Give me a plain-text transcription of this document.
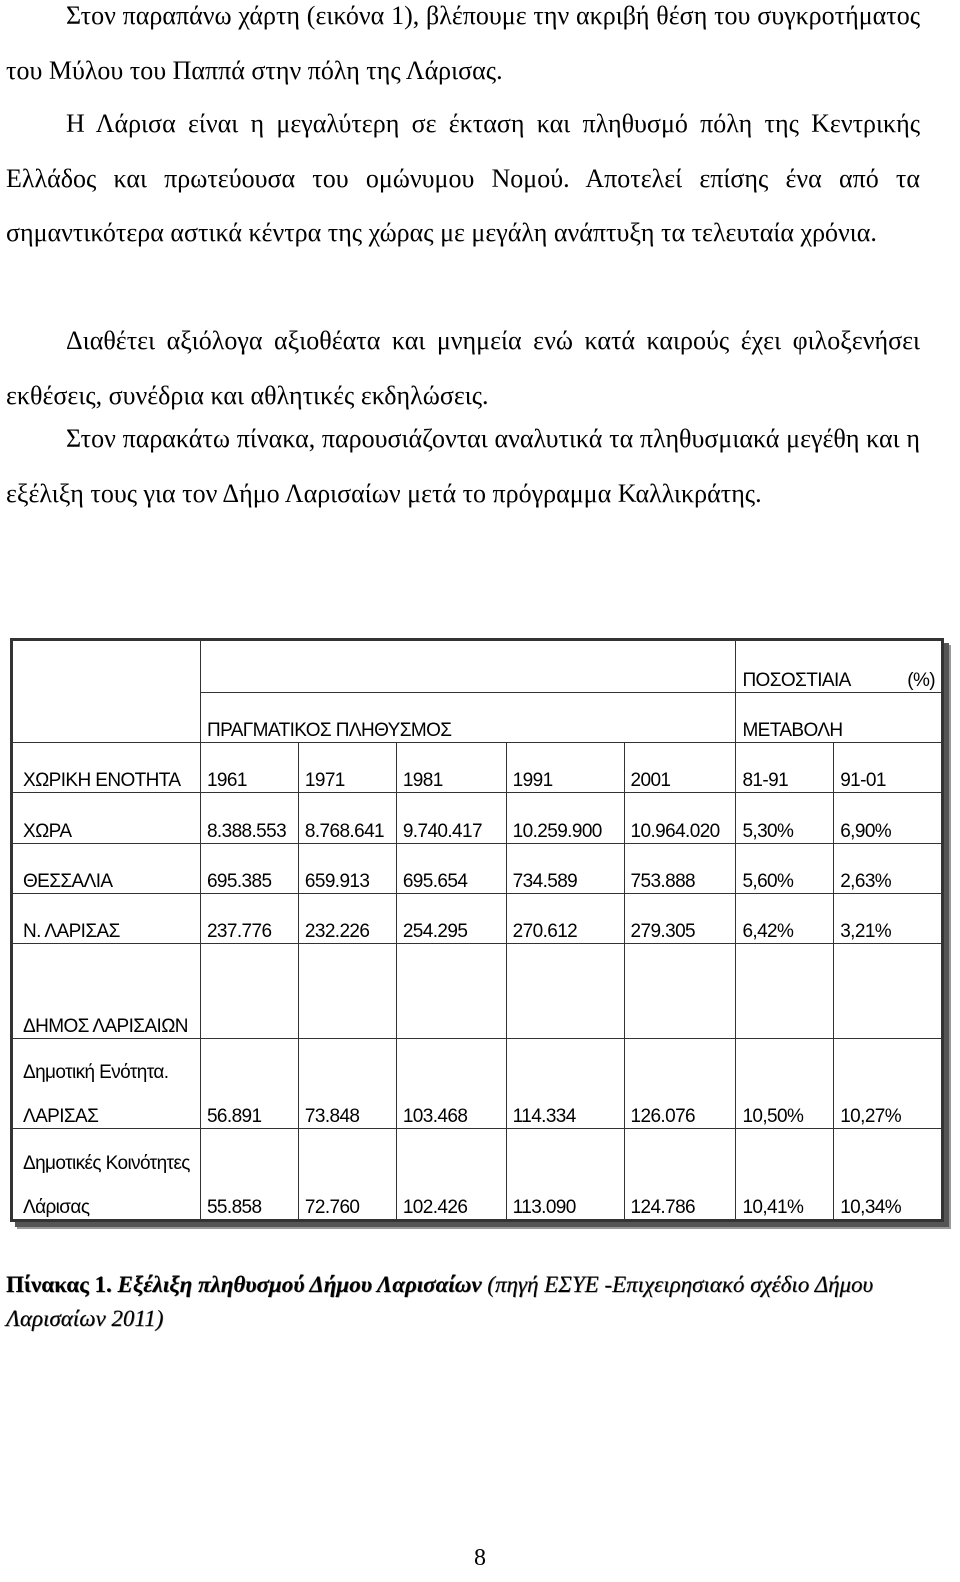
Στον παραπάνω χάρτη (εικόνα 1), βλέπουμε την ακριβή θέση του συγκροτήματος του Μύλου του Παππά στην πόλη της Λάρισας.

Η Λάρισα είναι η μεγαλύτερη σε έκταση και πληθυσμό πόλη της Κεντρικής Ελλάδος και πρωτεύουσα του ομώνυμου Νομού. Αποτελεί επίσης ένα από τα σημαντικότερα αστικά κέντρα της χώρας με μεγάλη ανάπτυξη τα τελευταία χρόνια.

Διαθέτει αξιόλογα αξιοθέατα και μνημεία ενώ κατά καιρούς έχει φιλοξενήσει εκθέσεις, συνέδρια και αθλητικές εκδηλώσεις.

Στον παρακάτω πίνακα, παρουσιάζονται αναλυτικά τα πληθυσμιακά μεγέθη και η εξέλιξη τους για τον Δήμο Λαρισαίων μετά το πρόγραμμα Καλλικράτης.

						ΠΟΣΟΣΤΙΑΙΑ (%)	

	ΠΡΑΓΜΑΤΙΚΟΣ ΠΛΗΘΥΣΜΟΣ					ΜΕΤΑΒΟΛΗ	
ΧΩΡΙΚΗ ΕΝΟΤΗΤΑ	1961	1971	1981	1991	2001	81-91	91-01
ΧΩΡΑ	8.388.553	8.768.641	9.740.417	10.259.900	10.964.020	5,30%	6,90%
ΘΕΣΣΑΛΙΑ	695.385	659.913	695.654	734.589	753.888	5,60%	2,63%
Ν. ΛΑΡΙΣΑΣ	237.776	232.226	254.295	270.612	279.305	6,42%	3,21%
ΔΗΜΟΣ ΛΑΡΙΣΑΙΩΝ							

Δημοτική Ενότητα.
ΛΑΡΙΣΑΣ	56.891	73.848	103.468	114.334	126.076	10,50%	10,27%

Δημοτικές Κοινότητες
Λάρισας	55.858	72.760	102.426	113.090	124.786	10,41%	10,34%

Πίνακας 1. Εξέλιξη πληθυσμού Δήμου Λαρισαίων (πηγή ΕΣΥΕ -Επιχειρησιακό σχέδιο Δήμου Λαρισαίων 2011)

8
